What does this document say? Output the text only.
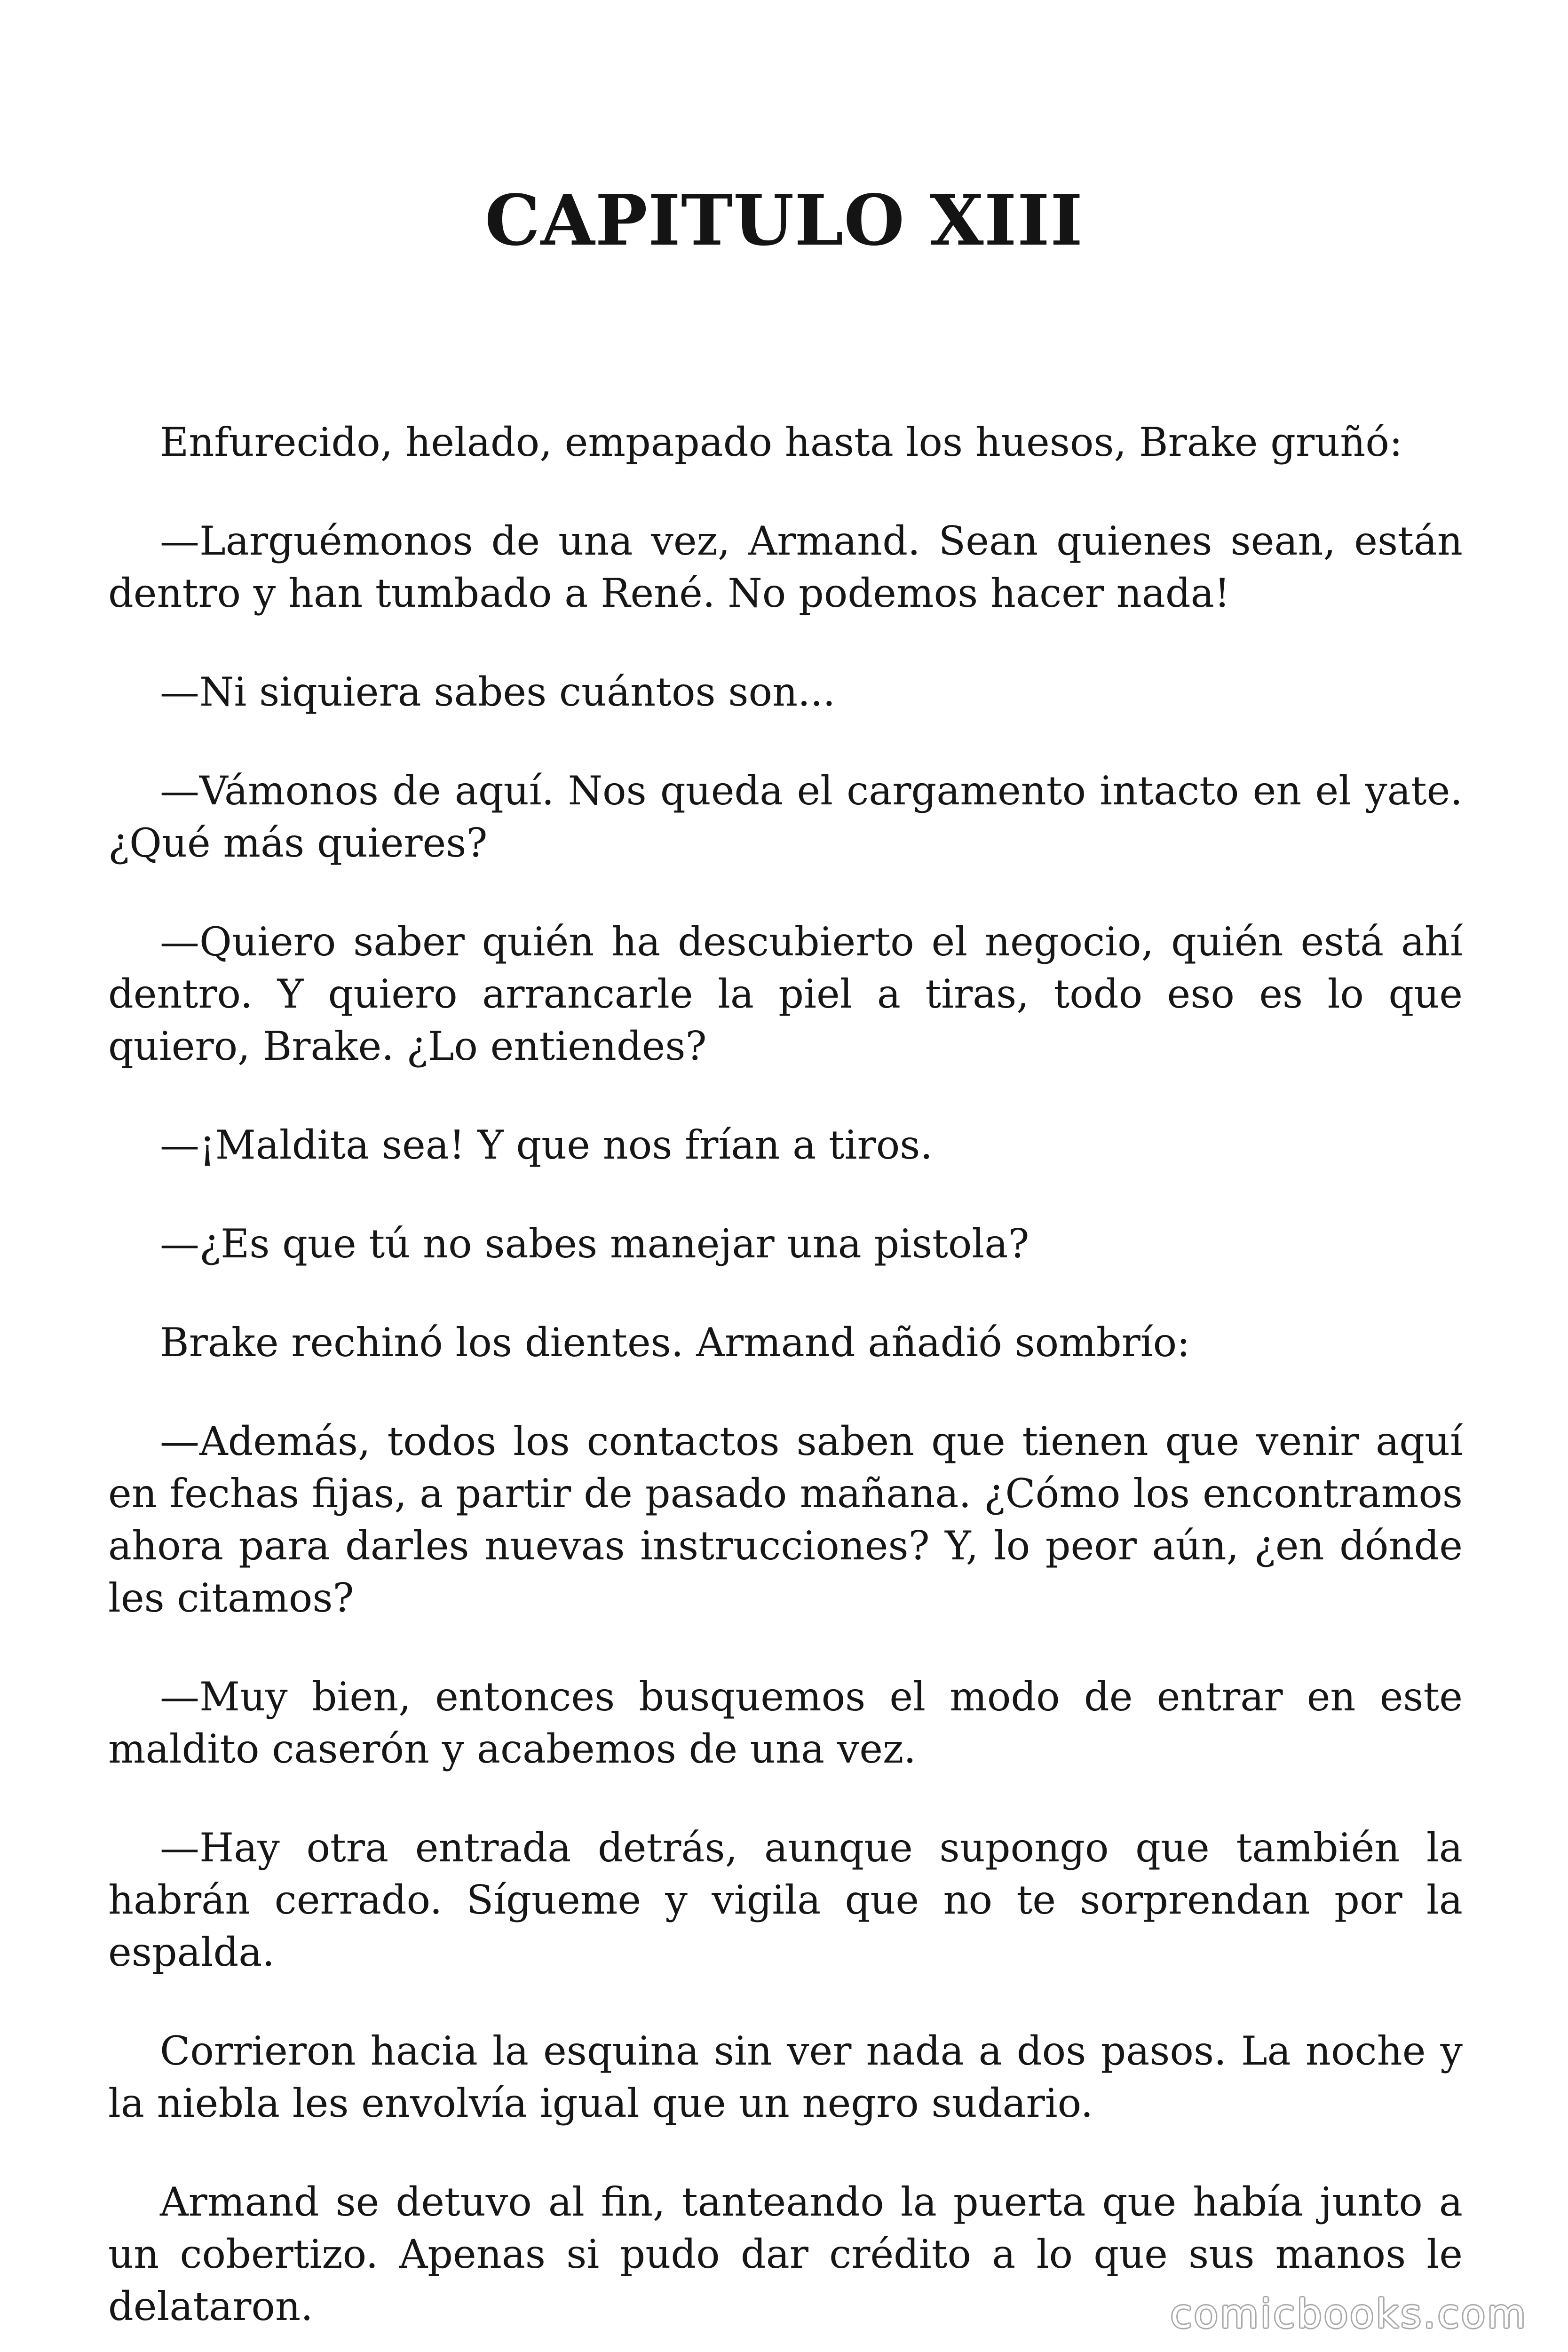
CAPITULO XIII

Enfurecido, helado, empapado hasta los huesos, Brake gruñó:

—Larguémonos de una vez, Armand. Sean quienes sean, están dentro y han tumbado a René. No podemos hacer nada!

—Ni siquiera sabes cuántos son...

—Vámonos de aquí. Nos queda el cargamento intacto en el yate. ¿Qué más quieres?

—Quiero saber quién ha descubierto el negocio, quién está ahí dentro. Y quiero arrancarle la piel a tiras, todo eso es lo que quiero, Brake. ¿Lo entiendes?

—¡Maldita sea! Y que nos frían a tiros.

—¿Es que tú no sabes manejar una pistola?

Brake rechinó los dientes. Armand añadió sombrío:

—Además, todos los contactos saben que tienen que venir aquí en fechas fijas, a partir de pasado mañana. ¿Cómo los encontramos ahora para darles nuevas instrucciones? Y, lo peor aún, ¿en dónde les citamos?

—Muy bien, entonces busquemos el modo de entrar en este maldito caserón y acabemos de una vez.

—Hay otra entrada detrás, aunque supongo que también la habrán cerrado. Sígueme y vigila que no te sorprendan por la espalda.

Corrieron hacia la esquina sin ver nada a dos pasos. La noche y la niebla les envolvía igual que un negro sudario.

Armand se detuvo al fin, tanteando la puerta que había junto a un cobertizo. Apenas si pudo dar crédito a lo que sus manos le delataron.	comicbooks.com
